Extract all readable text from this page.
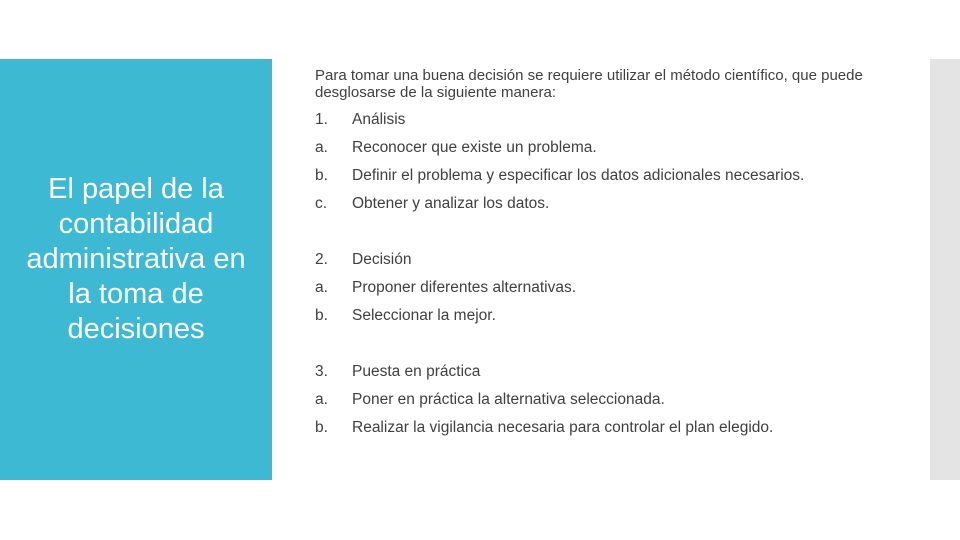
El papel de la contabilidad administrativa en la toma de decisiones
Para tomar una buena decisión se requiere utilizar el método científico, que puede desglosarse de la siguiente manera:
1.	Análisis
a.	Reconocer que existe un problema.
b.	Definir el problema y especificar los datos adicionales necesarios.
c.	Obtener y analizar los datos.
2.	Decisión
a.	Proponer diferentes alternativas.
b.	Seleccionar la mejor.
3.	Puesta en práctica
a.	Poner en práctica la alternativa seleccionada.
b.	Realizar la vigilancia necesaria para controlar el plan elegido.
